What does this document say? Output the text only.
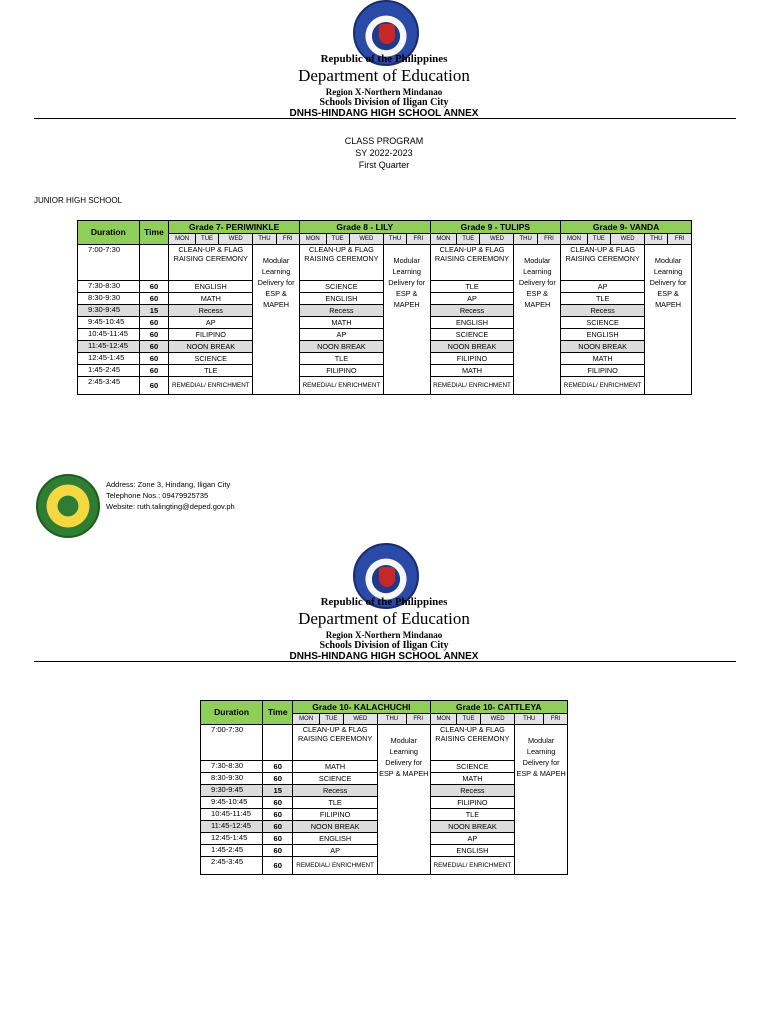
Republic of the Philippines
Department of Education
Region X-Northern Mindanao
Schools Division of Iligan City
DNHS-HINDANG HIGH SCHOOL ANNEX
CLASS PROGRAM
SY 2022-2023
First Quarter
JUNIOR HIGH SCHOOL
Duration	Time	Grade 7- PERIWINKLE					Grade 8 - LILY					Grade 9 - TULIPS					Grade 9- VANDA				
		MON	TUE	WED	THU	FRI	MON	TUE	WED	THU	FRI	MON	TUE	WED	THU	FRI	MON	TUE	WED	THU	FRI
7:00-7:30		CLEAN-UP & FLAG RAISING CEREMONY			Modular Learning Delivery for ESP & MAPEH		CLEAN-UP & FLAG RAISING CEREMONY			Modular Learning Delivery for ESP & MAPEH		CLEAN-UP & FLAG RAISING CEREMONY			Modular Learning Delivery for ESP & MAPEH		CLEAN-UP & FLAG RAISING CEREMONY			Modular Learning Delivery for ESP & MAPEH	
7:30-8:30	60	ENGLISH					SCIENCE					TLE					AP				
8:30-9:30	60	MATH					ENGLISH					AP					TLE				
9:30-9:45	15	Recess					Recess					Recess					Recess				
9:45-10:45	60	AP					MATH					ENGLISH					SCIENCE				
10:45-11:45	60	FILIPINO					AP					SCIENCE					ENGLISH				
11:45-12:45	60	NOON BREAK					NOON BREAK					NOON BREAK					NOON BREAK				
12:45-1:45	60	SCIENCE					TLE					FILIPINO					MATH				
1:45-2:45	60	TLE					FILIPINO					MATH					FILIPINO				
2:45-3:45	60	REMEDIAL/ ENRICHMENT					REMEDIAL/ ENRICHMENT					REMEDIAL/ ENRICHMENT					REMEDIAL/ ENRICHMENT				
Address: Zone 3, Hindang, Iligan City
Telephone Nos.: 09479925735
Website: ruth.talingting@deped.gov.ph
Republic of the Philippines
Department of Education
Region X-Northern Mindanao
Schools Division of Iligan City
DNHS-HINDANG HIGH SCHOOL ANNEX
Duration	Time	Grade 10- KALACHUCHI					Grade 10- CATTLEYA				
		MON	TUE	WED	THU	FRI	MON	TUE	WED	THU	FRI
7:00-7:30		CLEAN-UP & FLAG RAISING CEREMONY			Modular Learning Delivery for ESP & MAPEH		CLEAN-UP & FLAG RAISING CEREMONY			Modular Learning Delivery for ESP & MAPEH	
7:30-8:30	60	MATH					SCIENCE				
8:30-9:30	60	SCIENCE					MATH				
9:30-9:45	15	Recess					Recess				
9:45-10:45	60	TLE					FILIPINO				
10:45-11:45	60	FILIPINO					TLE				
11:45-12:45	60	NOON BREAK					NOON BREAK				
12:45-1:45	60	ENGLISH					AP				
1:45-2:45	60	AP					ENGLISH				
2:45-3:45	60	REMEDIAL/ ENRICHMENT					REMEDIAL/ ENRICHMENT				
